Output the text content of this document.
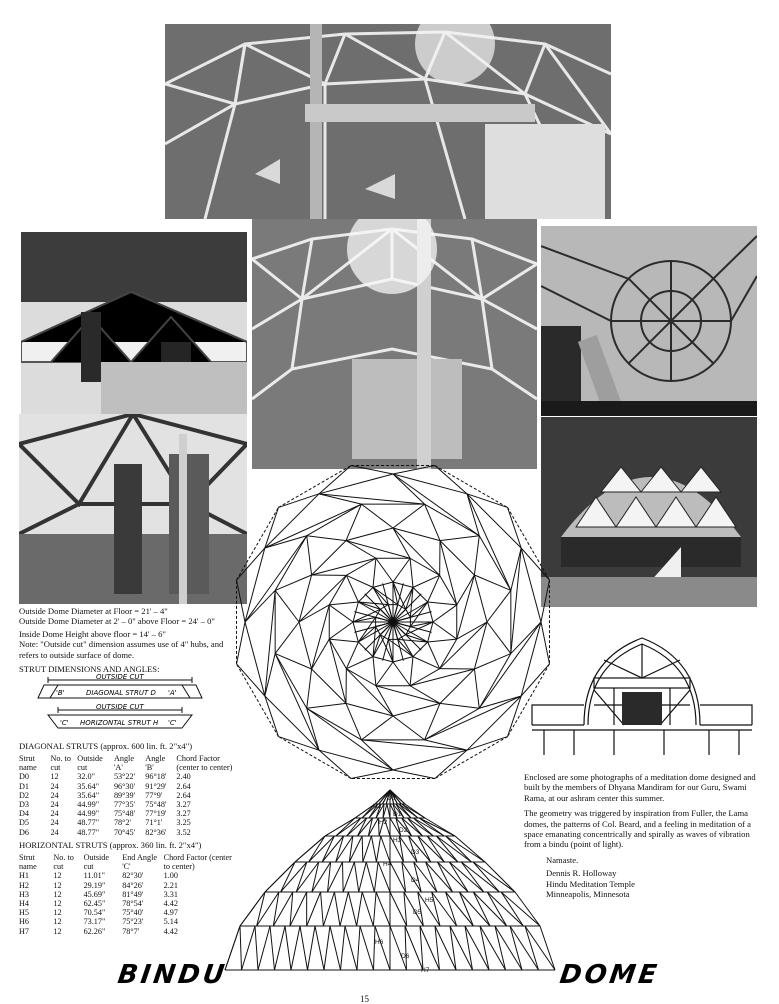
D0
H1
D1
H2
D2
H3
D3
H4
D4
H5
D5
H6
D6
H7
Outside Dome Diameter at Floor = 21' – 4"
Outside Dome Diameter at 2' – 0" above Floor = 24' – 0"
Inside Dome Height above floor = 14' – 6"
Note: "Outside cut" dimension assumes use of 4" hubs, and refers to outside surface of dome.
STRUT DIMENSIONS AND ANGLES:
OUTSIDE CUT
DIAGONAL STRUT D
'B'	'A'
OUTSIDE CUT
HORIZONTAL STRUT H
'C'	'C'
DIAGONAL STRUTS (approx. 600 lin. ft. 2"x4")
Strut name	No. to cut	Outside cut	Angle 'A'	Angle 'B'	Chord Factor (center to center)
D0	12	32.0"	53°22'	96°18'	2.40
D1	24	35.64"	96°30'	91°29'	2.64
D2	24	35.64"	89°39'	77°9'	2.64
D3	24	44.99"	77°35'	75°48'	3.27
D4	24	44.99"	75°48'	77°19'	3.27
D5	24	48.77"	78°2'	71°1'	3.25
D6	24	48.77"	70°45'	82°36'	3.52
HORIZONTAL STRUTS (approx. 360 lin. ft. 2"x4")
Strut name	No. to cut	Outside cut	End Angle 'C'	Chord Factor (center to center)
H1	12	11.01"	82°30'	1.00
H2	12	29.19"	84°26'	2.21
H3	12	45.69"	81°49'	3.31
H4	12	62.45"	78°54'	4.42
H5	12	70.54"	75°40'	4.97
H6	12	73.17"	75°23'	5.14
H7	12	62.26"	78°7'	4.42
Enclosed are some photographs of a meditation dome designed and built by the members of Dhyana Mandiram for our Guru, Swami Rama, at our ashram center this summer.
The geometry was triggered by inspiration from Fuller, the Lama domes, the patterns of Col. Beard, and a feeling in meditation of a space emanating concentrically and spirally as waves of vibration from a bindu (point of light).
Namaste.
Dennis R. Holloway
Hindu Meditation Temple
Minneapolis, Minnesota
BINDU	DOME
15
